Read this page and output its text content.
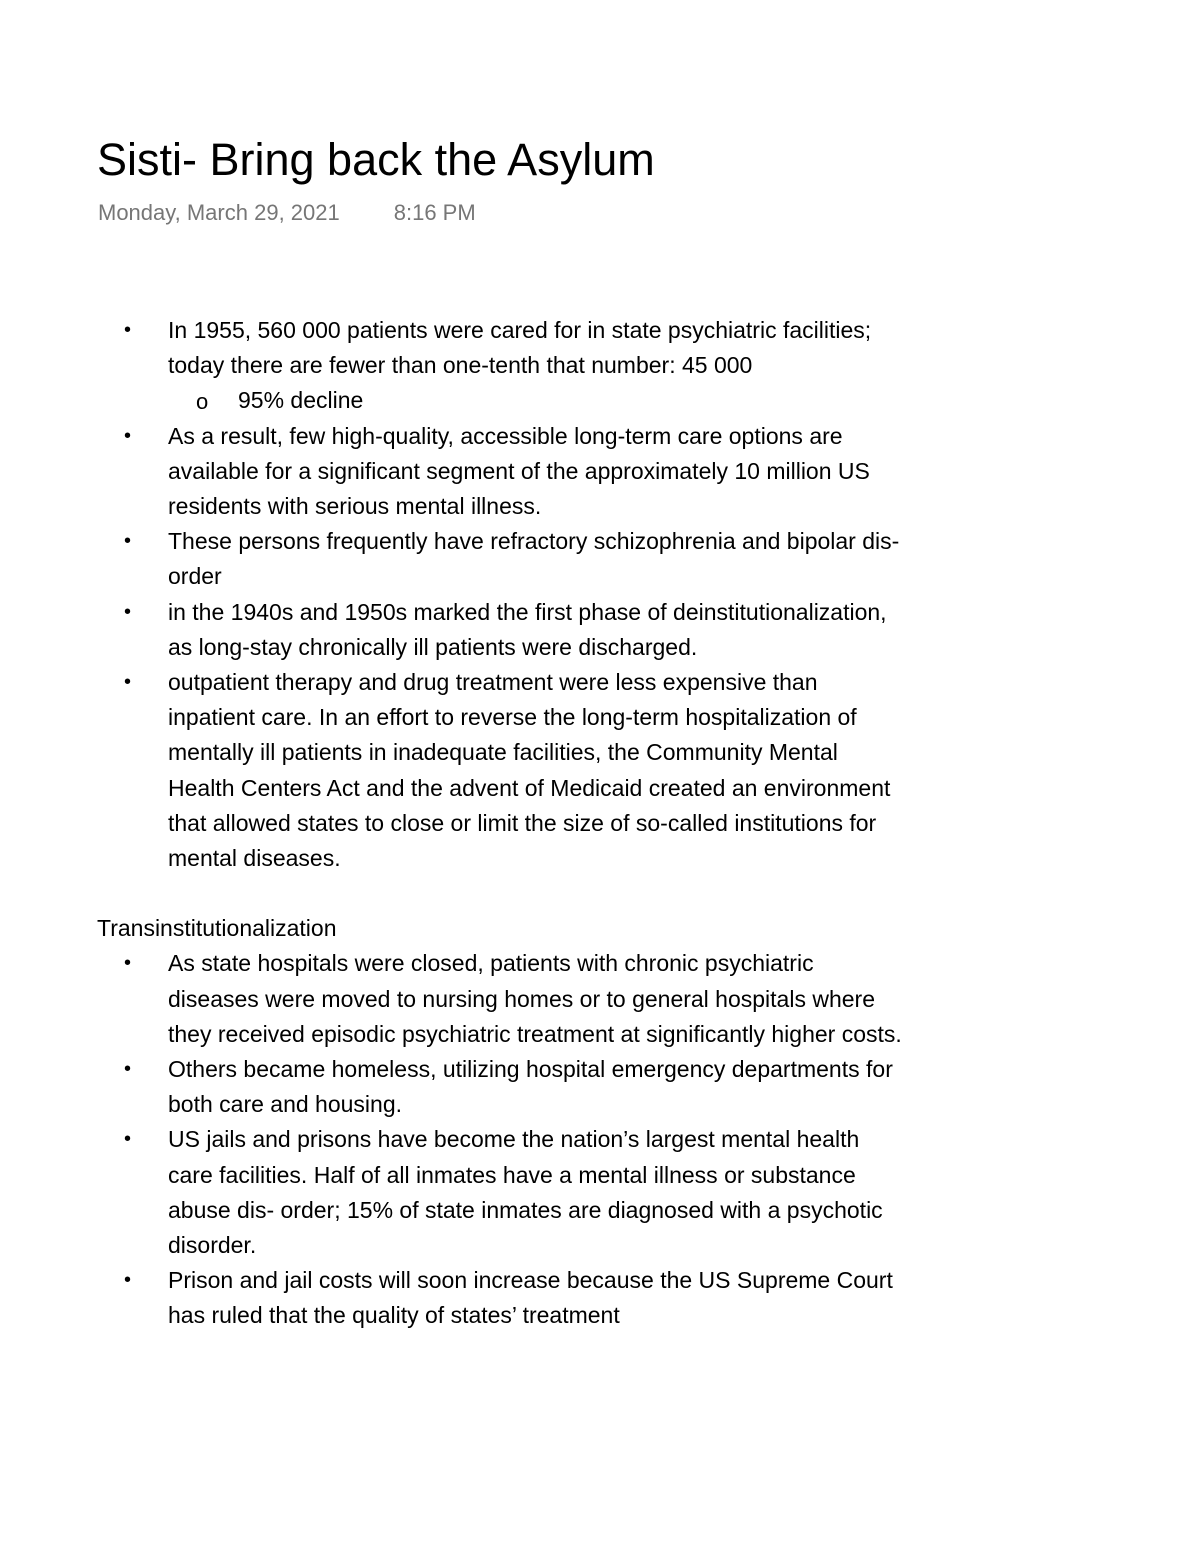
Sisti- Bring back the Asylum
Monday, March 29, 2021 8:16 PM
• In 1955, 560 000 patients were cared for in state psychiatric facilities; today there are fewer than one-tenth that number: 45 000
o 95% decline
• As a result, few high-quality, accessible long-term care options are available for a significant segment of the approximately 10 million US residents with serious mental illness.
• These persons frequently have refractory schizophrenia and bipolar dis- order
• in the 1940s and 1950s marked the first phase of deinstitutionalization, as long-stay chronically ill patients were discharged.
• outpatient therapy and drug treatment were less expensive than inpatient care. In an effort to reverse the long-term hospitalization of mentally ill patients in inadequate facilities, the Community Mental Health Centers Act and the advent of Medicaid created an environment that allowed states to close or limit the size of so-called institutions for mental diseases.
Transinstitutionalization
• As state hospitals were closed, patients with chronic psychiatric diseases were moved to nursing homes or to general hospitals where they received episodic psychiatric treatment at significantly higher costs.
• Others became homeless, utilizing hospital emergency departments for both care and housing.
• US jails and prisons have become the nation’s largest mental health care facilities. Half of all inmates have a mental illness or substance abuse dis- order; 15% of state inmates are diagnosed with a psychotic disorder.
• Prison and jail costs will soon increase because the US Supreme Court has ruled that the quality of states’ treatment
